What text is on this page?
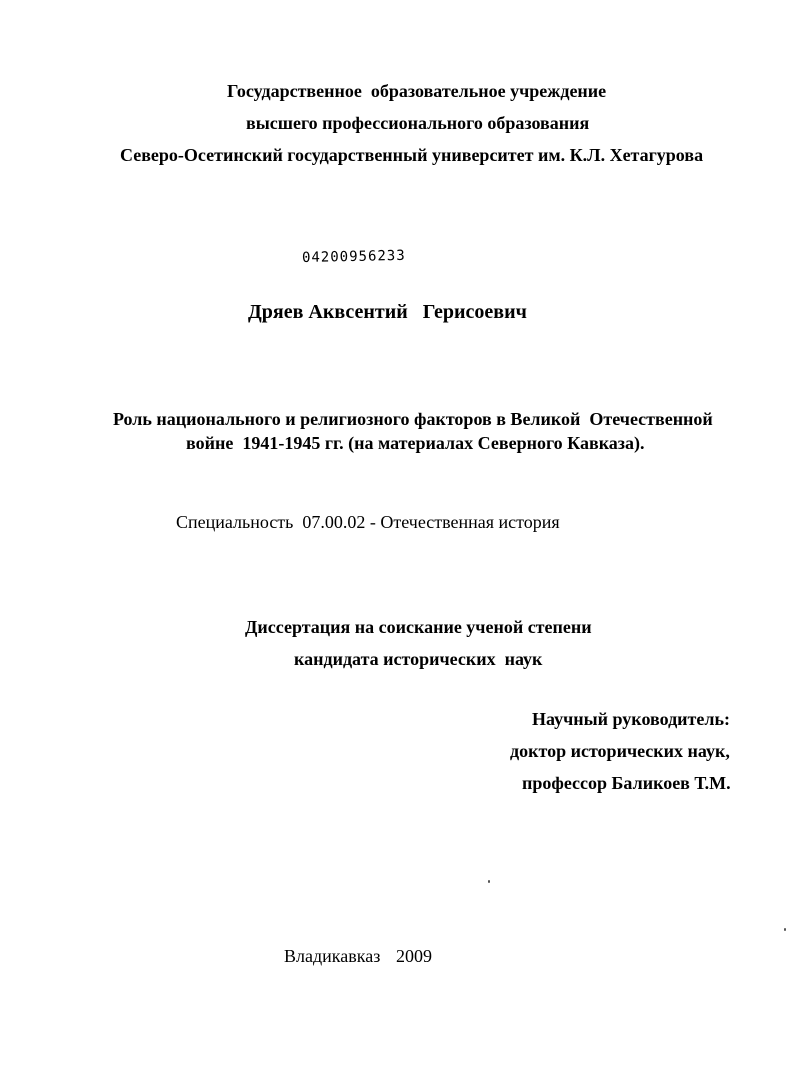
Государственное  образовательное учреждение
высшего профессионального образования
Северо-Осетинский государственный университет им. К.Л. Хетагурова
04200956233
Дряев Аквсентий   Герисоевич
Роль национального и религиозного факторов в Великой  Отечественной
войне  1941-1945 гг. (на материалах Северного Кавказа).
Специальность  07.00.02 - Отечественная история
Диссертация на соискание ученой степени
кандидата исторических  наук
Научный руководитель:
доктор исторических наук,
профессор Баликоев Т.М.
Владикавказ 2009
